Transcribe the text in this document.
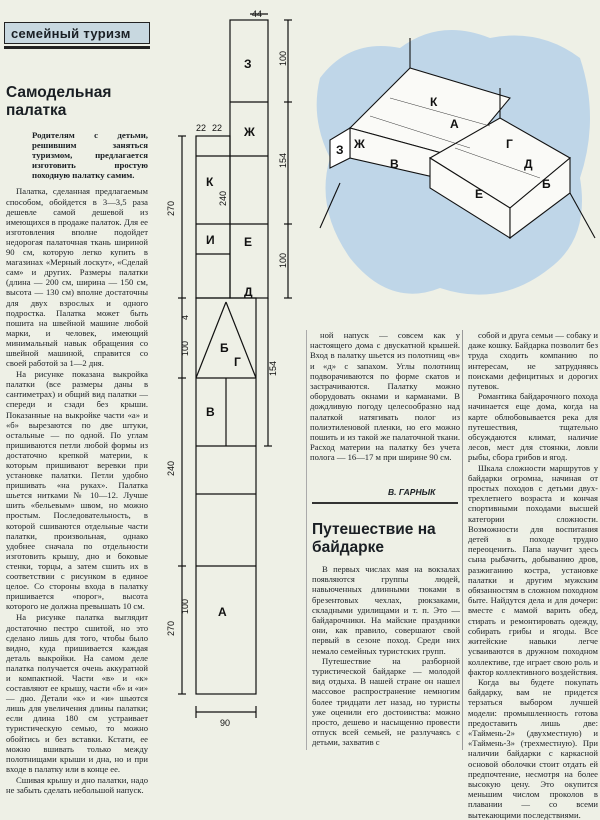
семейный туризм
Самодельная палатка

Родителям с детьми, решившим заняться туризмом, предлагается изготовить простую походную палатку самим.

Палатка, сделанная предлагаемым способом, обойдется в 3—3,5 раза дешевле самой дешевой из имеющихся в продаже палаток. Для ее изготовления вполне подойдет недорогая палаточная ткань шириной 90 см, которую легко купить в магазинах «Мерный лоскут», «Сделай сам» и других. Размеры палатки (длина — 200 см, ширина — 150 см, высота — 130 см) вполне достаточны для двух взрослых и одного подростка. Палатка может быть пошита на швейной машине любой марки, и человек, имеющий минимальный навык обращения со швейной машиной, справится со своей работой за 1—2 дня.

На рисунке показана выкройка палатки (все размеры даны в сантиметрах) и общий вид палатки — спереди и сзади без крыши. Показанные на выкройке части «а» и «б» вырезаются по две штуки, остальные — по одной. По углам пришиваются петли любой формы из достаточно крепкой материи, к которым пришивают веревки при установке палатки. Петли удобно пришивать «на руках». Палатка шьется нитками № 10—12. Лучше шить «бельевым» швом, но можно простым. Последовательность, в которой сшиваются отдельные части палатки, произвольная, однако удобнее сначала по отдельности изготовить крышу, дно и боковые стенки, торцы, а затем сшить их в соответствии с рисунком в единое целое. Со стороны входа в палатку пришивается «порог», высота которого не должна превышать 10 см.

На рисунке палатка выглядит достаточно пестро сшитой, но это сделано лишь для того, чтобы было видно, куда пришивается каждая деталь выкройки. На самом деле палатка получается очень аккуратной и компактной. Части «в» и «к» составляют ее крышу, части «б» и «и» — дно. Детали «к» и «и» шьются лишь для увеличения длины палатки; если длина 180 см устраивает туристическую семью, то можно обойтись и без вставки. Кстати, ее можно вшивать только между полотнищами крыши и дна, но и при входе в палатку или в конце ее.

Сшивая крышу и дно палатки, надо не забыть сделать небольшой напуск.

44
22 22
270
240
100
154
100
4
100
154
240
270
100
90
З
Ж
К
И Е
Д
Г
Б
В
А
К
А
З Ж
В
Г
Д
Б
Е

ной напуск — совсем как у настоящего дома с двускатной крышей. Вход в палатку шьется из полотнищ «в» и «д» с запахом. Углы полотнищ подворачиваются по форме скатов и застрачиваются. Палатку можно оборудовать окнами и карманами. В дождливую погоду целесообразно над палаткой натягивать полог из полиэтиленовой пленки, но его можно пошить и из такой же палаточной ткани. Расход материи на палатку без учета полога — 16—17 м при ширине 90 см.

В. ГАРНЫК
Путешествие на байдарке

В первых числах мая на вокзалах появляются группы людей, навьюченных длинными тюками в брезентовых чехлах, рюкзаками, складными удилищами и т. п. Это — байдарочники. На майские праздники они, как правило, совершают свой первый в сезоне поход. Среди них немало семейных туристских групп.

Путешествие на разборной туристической байдарке — молодой вид отдыха. В нашей стране он нашел массовое распространение немногим более тридцати лет назад, но туристы уже оценили его достоинства: можно просто, дешево и насыщенно провести отпуск всей семьей, не разлучаясь с детьми, захватив с

собой и друга семьи — собаку и даже кошку. Байдарка позволит без труда сходить компанию по интересам, не затрудняясь поисками дефицитных и дорогих путевок.

Романтика байдарочного похода начинается еще дома, когда на карте облюбовывается река для путешествия, тщательно обсуждаются климат, наличие лесов, мест для стоянки, ловли рыбы, сбора грибов и ягод.

Шкала сложности маршрутов у байдарки огромна, начиная от простых походов с детьми двух-трехлетнего возраста и кончая спортивными походами высшей категории сложности. Возможности для воспитания детей в походе трудно переоценить. Папа научит здесь сына рыбачить, добыванию дров, разжиганию костра, установке палатки и другим мужским обязанностям в сложном походном быте. Найдутся дела и для дочери: вместе с мамой варить обед, стирать и ремонтировать одежду, собирать грибы и ягоды. Все житейские навыки легче усваиваются в дружном походном коллективе, где играет свою роль и фактор коллективного воздействия.

Когда вы будете покупать байдарку, вам не придется терзаться выбором лучшей модели: промышленность готова предоставить лишь две: «Таймень-2» (двухместную) и «Таймень-3» (трехместную). При наличии байдарки с каркасной основой оболочки стоит отдать ей предпочтение, несмотря на более высокую цену. Это окупится меньшим числом проколов в плавании — со всеми вытекающими последствиями.
